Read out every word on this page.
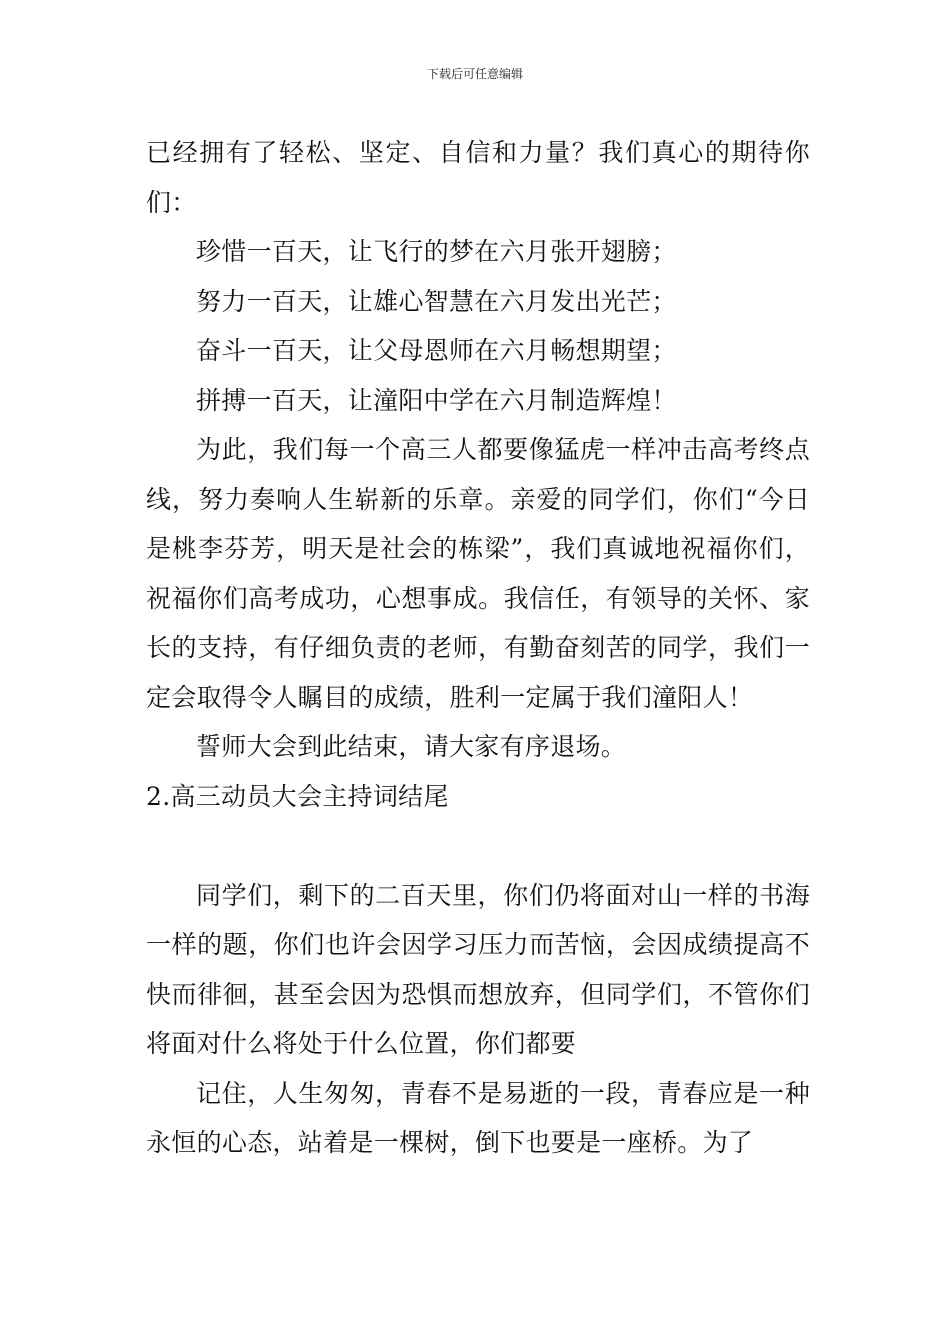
下载后可任意编辑

已经拥有了轻松、坚定、自信和力量？我们真心的期待你们：

珍惜一百天，让飞行的梦在六月张开翅膀；

努力一百天，让雄心智慧在六月发出光芒；

奋斗一百天，让父母恩师在六月畅想期望；

拼搏一百天，让潼阳中学在六月制造辉煌！

为此，我们每一个高三人都要像猛虎一样冲击高考终点线，努力奏响人生崭新的乐章。亲爱的同学们，你们“今日是桃李芬芳，明天是社会的栋梁”，我们真诚地祝福你们，祝福你们高考成功，心想事成。我信任，有领导的关怀、家长的支持，有仔细负责的老师，有勤奋刻苦的同学，我们一定会取得令人瞩目的成绩，胜利一定属于我们潼阳人！

誓师大会到此结束，请大家有序退场。

2.高三动员大会主持词结尾

同学们，剩下的二百天里，你们仍将面对山一样的书海一样的题，你们也许会因学习压力而苦恼，会因成绩提高不快而徘徊，甚至会因为恐惧而想放弃，但同学们，不管你们将面对什么将处于什么位置，你们都要

记住，人生匆匆，青春不是易逝的一段，青春应是一种永恒的心态，站着是一棵树，倒下也要是一座桥。为了
